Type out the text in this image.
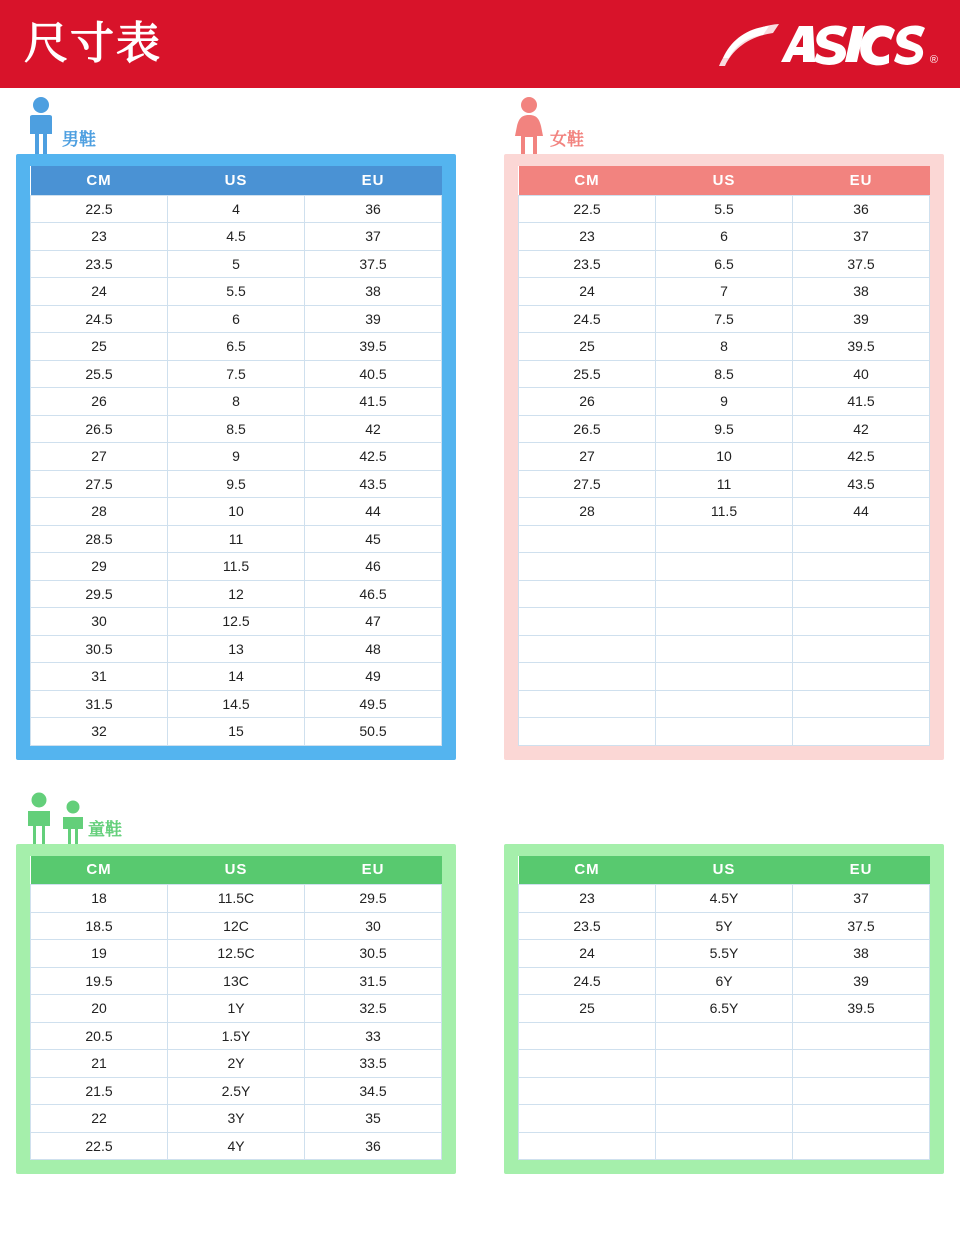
尺寸表	®
男鞋
CM	US	EU
22.5	4	36
23	4.5	37
23.5	5	37.5
24	5.5	38
24.5	6	39
25	6.5	39.5
25.5	7.5	40.5
26	8	41.5
26.5	8.5	42
27	9	42.5
27.5	9.5	43.5
28	10	44
28.5	11	45
29	11.5	46
29.5	12	46.5
30	12.5	47
30.5	13	48
31	14	49
31.5	14.5	49.5
32	15	50.5
女鞋
CM	US	EU
22.5	5.5	36
23	6	37
23.5	6.5	37.5
24	7	38
24.5	7.5	39
25	8	39.5
25.5	8.5	40
26	9	41.5
26.5	9.5	42
27	10	42.5
27.5	11	43.5
28	11.5	44

童鞋
CM	US	EU
18	11.5C	29.5
18.5	12C	30
19	12.5C	30.5
19.5	13C	31.5
20	1Y	32.5
20.5	1.5Y	33
21	2Y	33.5
21.5	2.5Y	34.5
22	3Y	35
22.5	4Y	36
CM	US	EU
23	4.5Y	37
23.5	5Y	37.5
24	5.5Y	38
24.5	6Y	39
25	6.5Y	39.5
